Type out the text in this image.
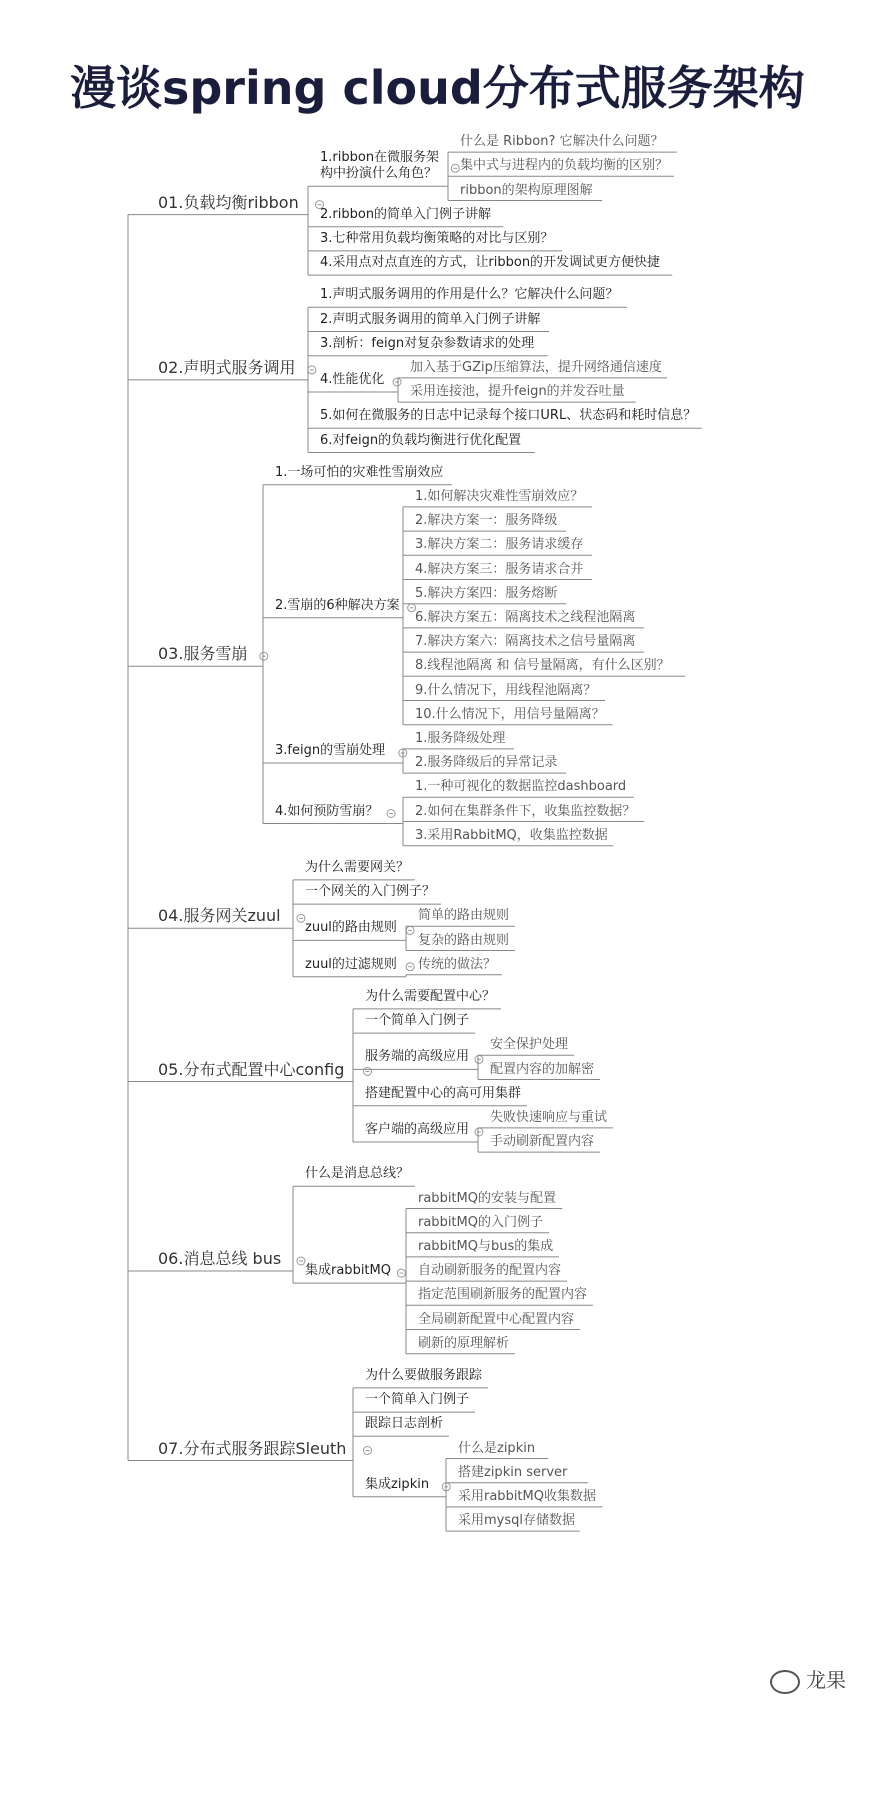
漫谈spring cloud分布式服务架构
01.负载均衡ribbon
1.ribbon在微服务架
构中扮演什么角色？
什么是 Ribbon? 它解决什么问题？
集中式与进程内的负载均衡的区别？
ribbon的架构原理图解
2.ribbon的简单入门例子讲解
3.七种常用负载均衡策略的对比与区别？
4.采用点对点直连的方式，让ribbon的开发调试更方便快捷
02.声明式服务调用
1.声明式服务调用的作用是什么？它解决什么问题？
2.声明式服务调用的简单入门例子讲解
3.剖析：feign对复杂参数请求的处理
4.性能优化
加入基于GZip压缩算法，提升网络通信速度
采用连接池，提升feign的并发吞吐量
5.如何在微服务的日志中记录每个接口URL、状态码和耗时信息？
6.对feign的负载均衡进行优化配置
03.服务雪崩
1.一场可怕的灾难性雪崩效应
2.雪崩的6种解决方案
1.如何解决灾难性雪崩效应？
2.解决方案一：服务降级
3.解决方案二：服务请求缓存
4.解决方案三：服务请求合并
5.解决方案四：服务熔断
6.解决方案五：隔离技术之线程池隔离
7.解决方案六：隔离技术之信号量隔离
8.线程池隔离 和 信号量隔离，有什么区别？
9.什么情况下，用线程池隔离？
10.什么情况下，用信号量隔离？
3.feign的雪崩处理
1.服务降级处理
2.服务降级后的异常记录
4.如何预防雪崩？
1.一种可视化的数据监控dashboard
2.如何在集群条件下，收集监控数据？
3.采用RabbitMQ，收集监控数据
04.服务网关zuul
为什么需要网关？
一个网关的入门例子？
zuul的路由规则
简单的路由规则
复杂的路由规则
zuul的过滤规则 传统的做法？
05.分布式配置中心config
为什么需要配置中心？
一个简单入门例子
服务端的高级应用
安全保护处理
配置内容的加解密
搭建配置中心的高可用集群
客户端的高级应用
失败快速响应与重试
手动刷新配置内容
06.消息总线 bus
什么是消息总线？
集成rabbitMQ
rabbitMQ的安装与配置
rabbitMQ的入门例子
rabbitMQ与bus的集成
自动刷新服务的配置内容
指定范围刷新服务的配置内容
全局刷新配置中心配置内容
刷新的原理解析
07.分布式服务跟踪Sleuth
为什么要做服务跟踪
一个简单入门例子
跟踪日志剖析
集成zipkin
什么是zipkin
搭建zipkin server
采用rabbitMQ收集数据
采用mysql存储数据
龙果
